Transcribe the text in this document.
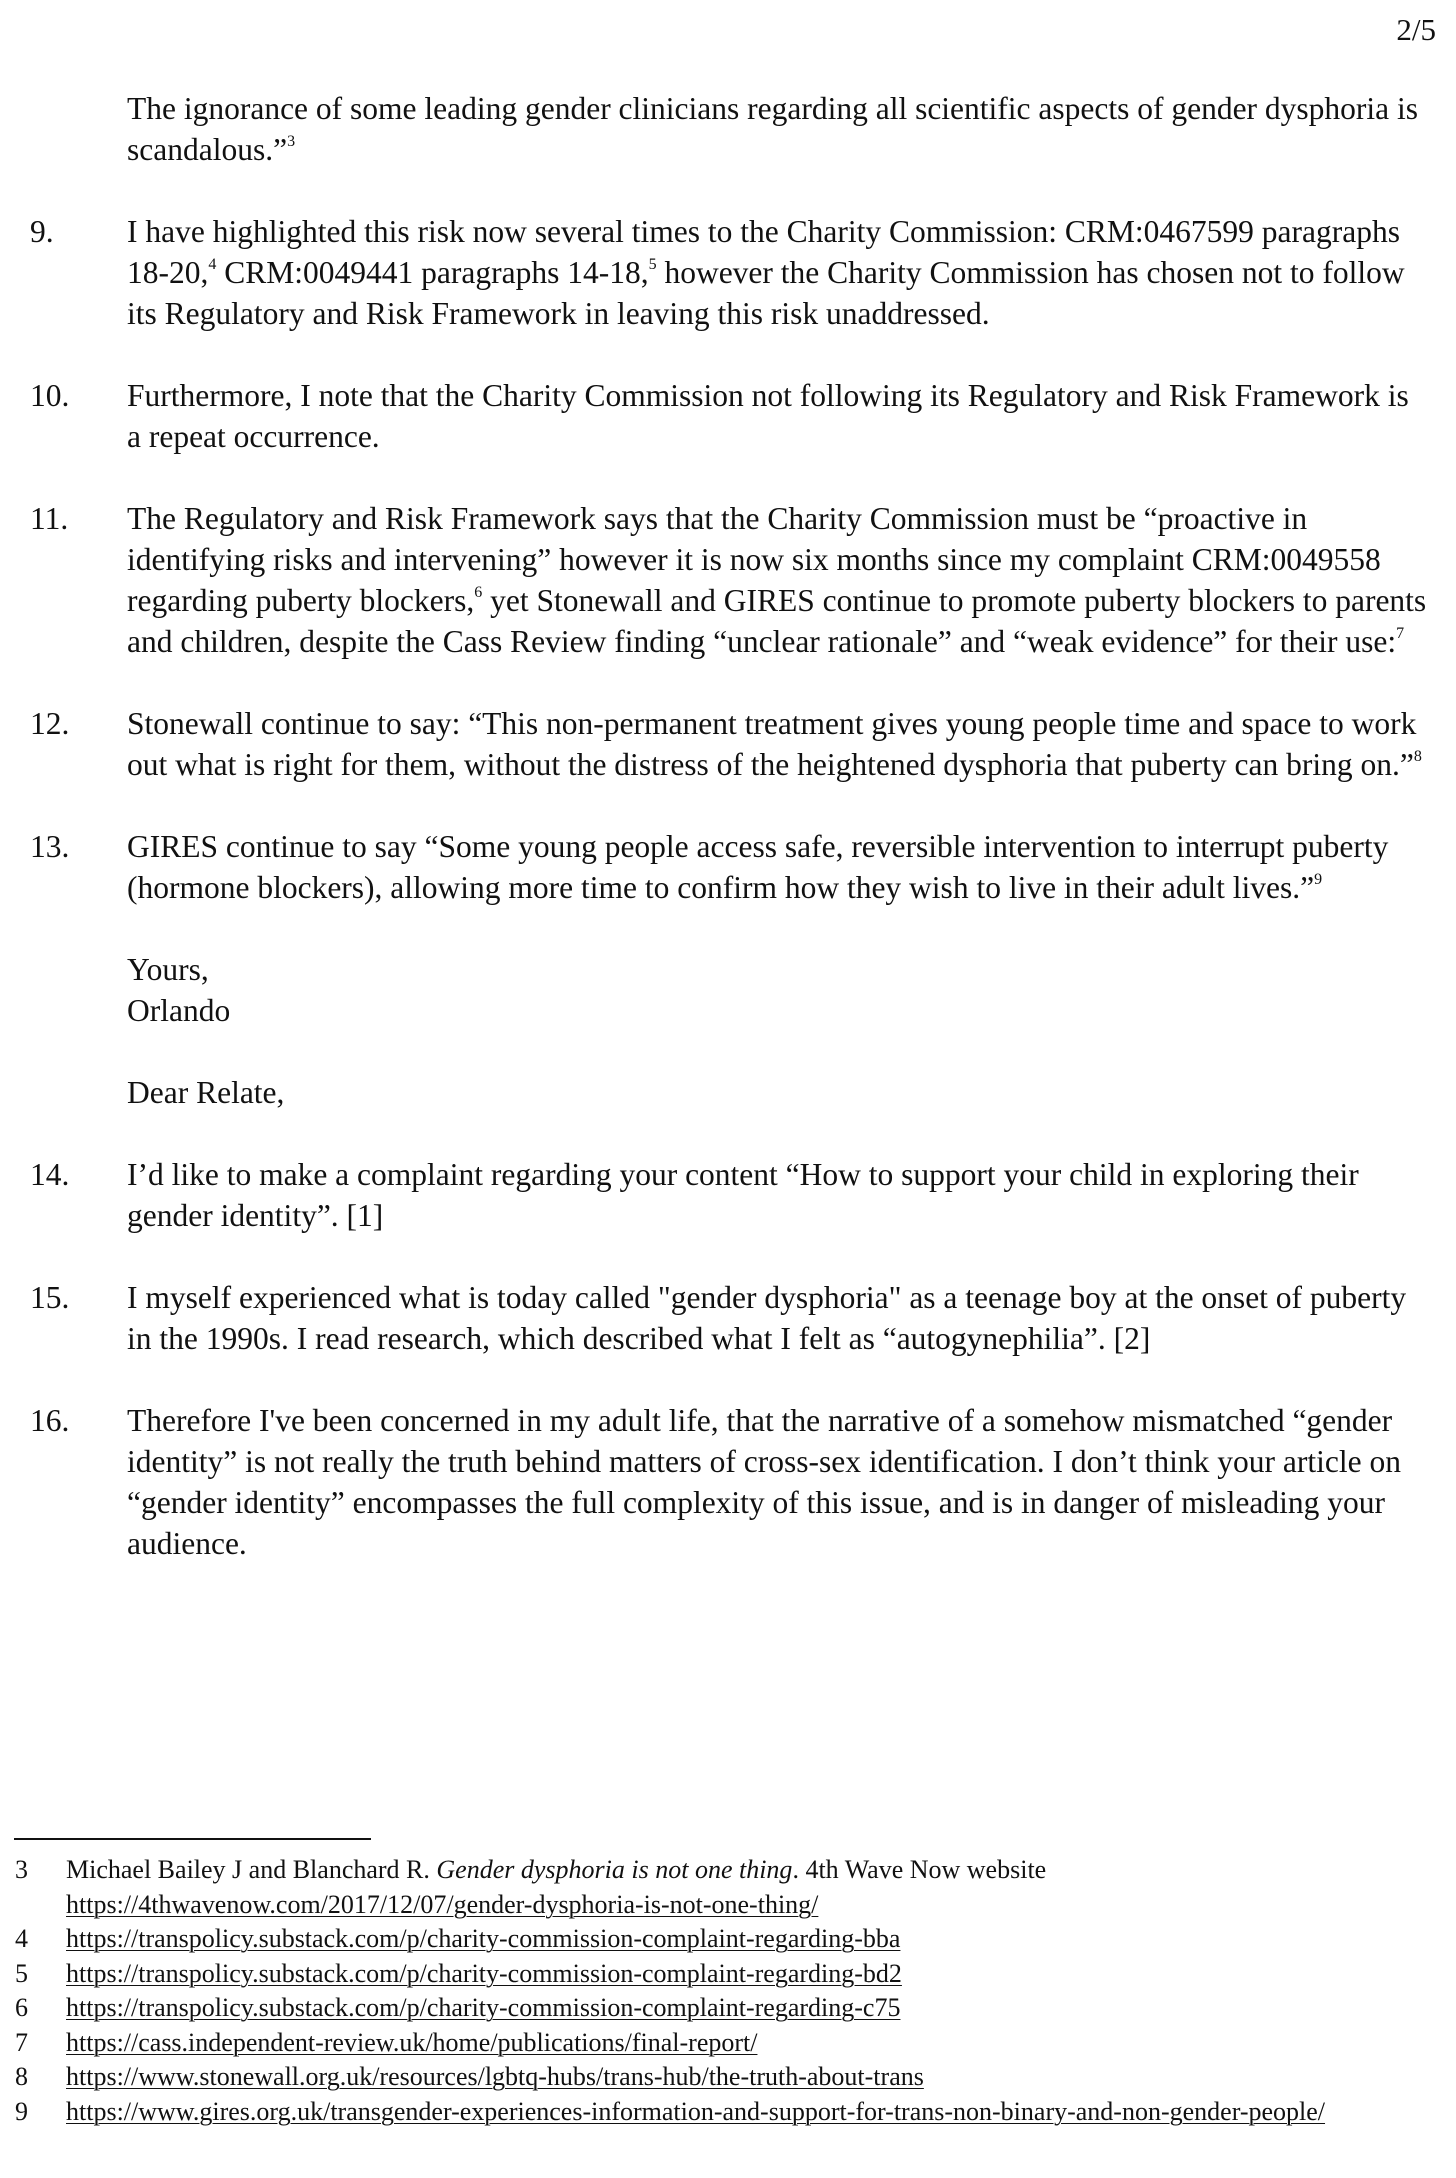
2/5

The ignorance of some leading gender clinicians regarding all scientific aspects of gender dysphoria is scandalous.”$^3$

9. I have highlighted this risk now several times to the Charity Commission: CRM:0467599 paragraphs 18-20,$^4$ CRM:0049441 paragraphs 14-18,$^5$ however the Charity Commission has chosen not to follow its Regulatory and Risk Framework in leaving this risk unaddressed.

10. Furthermore, I note that the Charity Commission not following its Regulatory and Risk Framework is a repeat occurrence.

11. The Regulatory and Risk Framework says that the Charity Commission must be “proactive in identifying risks and intervening” however it is now six months since my complaint CRM:0049558 regarding puberty blockers,$^6$ yet Stonewall and GIRES continue to promote puberty blockers to parents and children, despite the Cass Review finding “unclear rationale” and “weak evidence” for their use:$^7$

12. Stonewall continue to say: “This non-permanent treatment gives young people time and space to work out what is right for them, without the distress of the heightened dysphoria that puberty can bring on.”$^8$

13. GIRES continue to say “Some young people access safe, reversible intervention to interrupt puberty (hormone blockers), allowing more time to confirm how they wish to live in their adult lives.”$^9$

Yours,

Orlando

Dear Relate,

14. I’d like to make a complaint regarding your content “How to support your child in exploring their gender identity”. [1]

15. I myself experienced what is today called "gender dysphoria" as a teenage boy at the onset of puberty in the 1990s. I read research, which described what I felt as “autogynephilia”. [2]

16. Therefore I've been concerned in my adult life, that the narrative of a somehow mismatched “gender identity” is not really the truth behind matters of cross-sex identification. I don’t think your article on “gender identity” encompasses the full complexity of this issue, and is in danger of misleading your audience.

3 Michael Bailey J and Blanchard R. Gender dysphoria is not one thing. 4th Wave Now website
https://4thwavenow.com/2017/12/07/gender-dysphoria-is-not-one-thing/
4 https://transpolicy.substack.com/p/charity-commission-complaint-regarding-bba
5 https://transpolicy.substack.com/p/charity-commission-complaint-regarding-bd2
6 https://transpolicy.substack.com/p/charity-commission-complaint-regarding-c75
7 https://cass.independent-review.uk/home/publications/final-report/
8 https://www.stonewall.org.uk/resources/lgbtq-hubs/trans-hub/the-truth-about-trans
9 https://www.gires.org.uk/transgender-experiences-information-and-support-for-trans-non-binary-and-non-gender-people/
